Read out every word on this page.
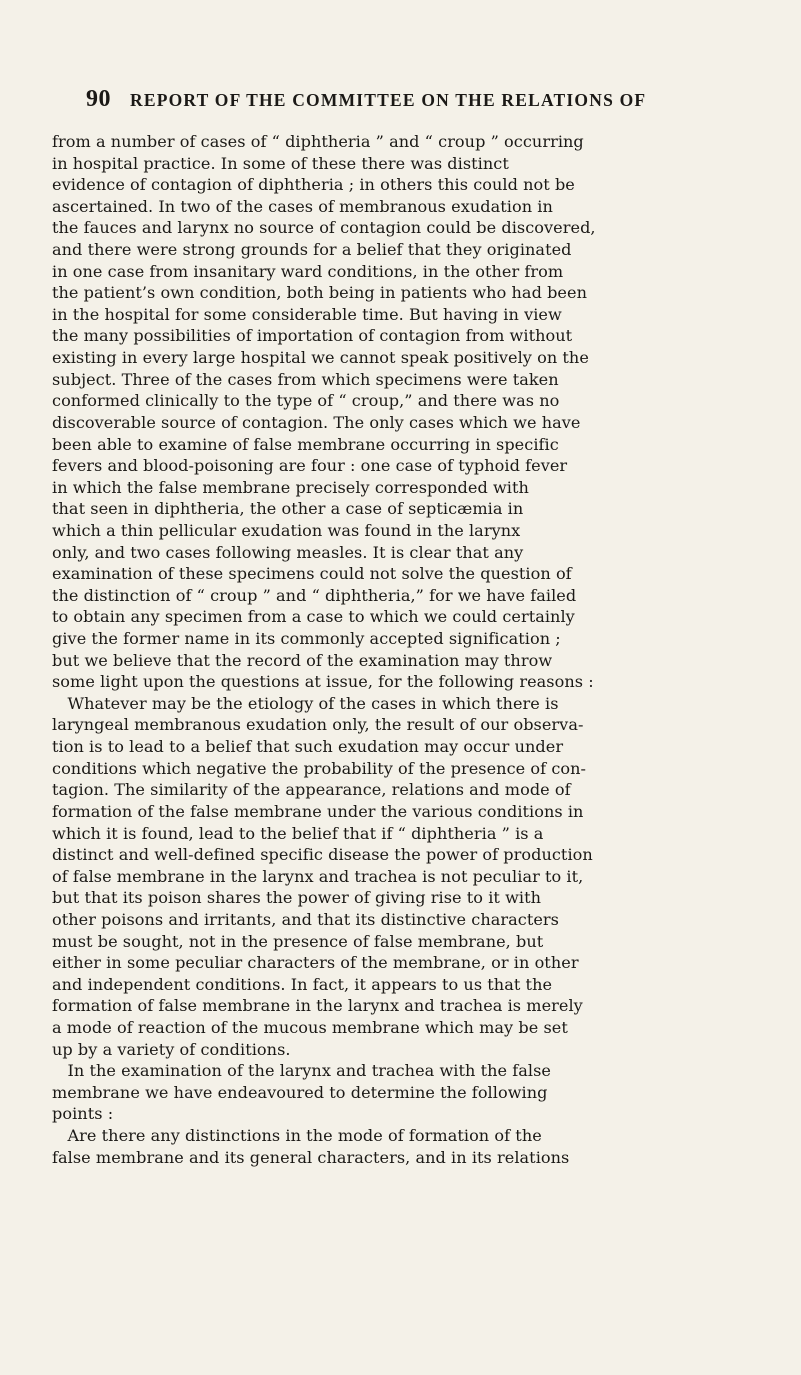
90	REPORT OF THE COMMITTEE ON THE RELATIONS OF
from a number of cases of “ diphtheria ” and “ croup ” occurring
in hospital practice. In some of these there was distinct
evidence of contagion of diphtheria ; in others this could not be
ascertained. In two of the cases of membranous exudation in
the fauces and larynx no source of contagion could be discovered,
and there were strong grounds for a belief that they originated
in one case from insanitary ward conditions, in the other from
the patient’s own condition, both being in patients who had been
in the hospital for some considerable time. But having in view
the many possibilities of importation of contagion from without
existing in every large hospital we cannot speak positively on the
subject. Three of the cases from which specimens were taken
conformed clinically to the type of “ croup,” and there was no
discoverable source of contagion. The only cases which we have
been able to examine of false membrane occurring in specific
fevers and blood-poisoning are four : one case of typhoid fever
in which the false membrane precisely corresponded with
that seen in diphtheria, the other a case of septicæmia in
which a thin pellicular exudation was found in the larynx
only, and two cases following measles. It is clear that any
examination of these specimens could not solve the question of
the distinction of “ croup ” and “ diphtheria,” for we have failed
to obtain any specimen from a case to which we could certainly
give the former name in its commonly accepted signification ;
but we believe that the record of the examination may throw
some light upon the questions at issue, for the following reasons :
Whatever may be the etiology of the cases in which there is
laryngeal membranous exudation only, the result of our observa-
tion is to lead to a belief that such exudation may occur under
conditions which negative the probability of the presence of con-
tagion. The similarity of the appearance, relations and mode of
formation of the false membrane under the various conditions in
which it is found, lead to the belief that if “ diphtheria ” is a
distinct and well-defined specific disease the power of production
of false membrane in the larynx and trachea is not peculiar to it,
but that its poison shares the power of giving rise to it with
other poisons and irritants, and that its distinctive characters
must be sought, not in the presence of false membrane, but
either in some peculiar characters of the membrane, or in other
and independent conditions. In fact, it appears to us that the
formation of false membrane in the larynx and trachea is merely
a mode of reaction of the mucous membrane which may be set
up by a variety of conditions.
In the examination of the larynx and trachea with the false
membrane we have endeavoured to determine the following
points :
Are there any distinctions in the mode of formation of the
false membrane and its general characters, and in its relations
